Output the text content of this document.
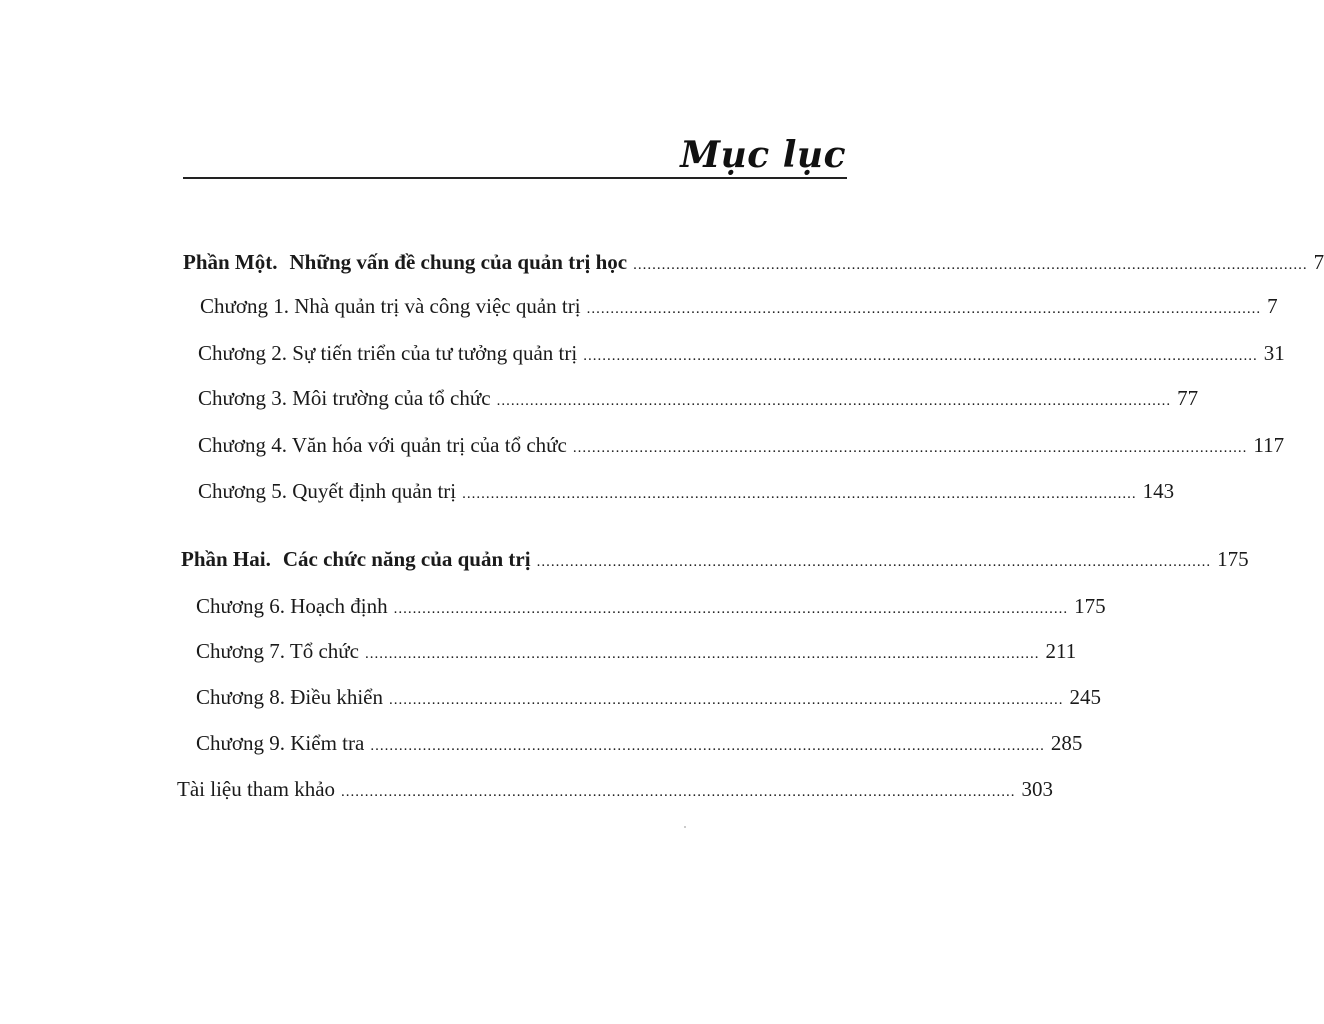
Mục lục
Phần Một. Những vấn đề chung của quản trị học .............................................................................................................................................. 7
Chương 1. Nhà quản trị và công việc quản trị .............................................................................................................................................. 7
Chương 2. Sự tiến triển của tư tưởng quản trị .............................................................................................................................................. 31
Chương 3. Môi trường của tổ chức .............................................................................................................................................. 77
Chương 4. Văn hóa với quản trị của tổ chức .............................................................................................................................................. 117
Chương 5. Quyết định quản trị .............................................................................................................................................. 143
Phần Hai. Các chức năng của quản trị .............................................................................................................................................. 175
Chương 6. Hoạch định .............................................................................................................................................. 175
Chương 7. Tổ chức .............................................................................................................................................. 211
Chương 8. Điều khiển .............................................................................................................................................. 245
Chương 9. Kiểm tra .............................................................................................................................................. 285
Tài liệu tham khảo .............................................................................................................................................. 303
